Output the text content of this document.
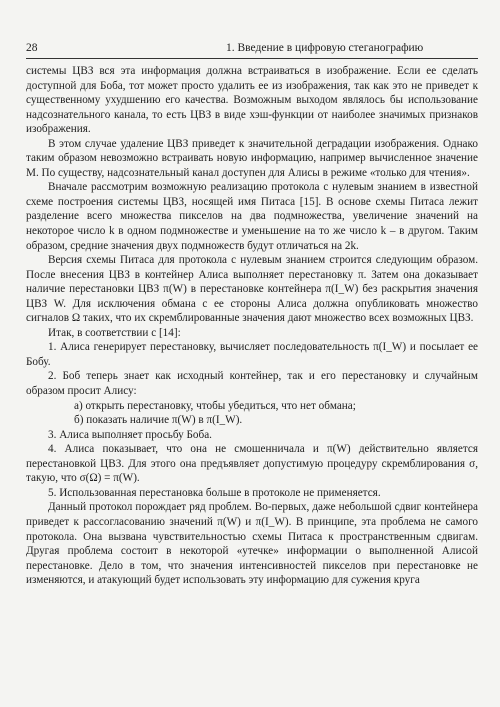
28	1. Введение в цифровую стеганографию

системы ЦВЗ вся эта информация должна встраиваться в изображение. Если ее сделать доступной для Боба, тот может просто удалить ее из изображения, так как это не приведет к существенному ухудшению его качества. Возможным выходом являлось бы использование надсознательного канала, то есть ЦВЗ в виде хэш-функции от наиболее значимых признаков изображения.

В этом случае удаление ЦВЗ приведет к значительной деградации изображения. Однако таким образом невозможно встраивать новую информацию, например вычисленное значение M. По существу, надсознательный канал доступен для Алисы в режиме «только для чтения».

Вначале рассмотрим возможную реализацию протокола с нулевым знанием в известной схеме построения системы ЦВЗ, носящей имя Питаса [15]. В основе схемы Питаса лежит разделение всего множества пикселов на два подмножества, увеличение значений на некоторое число k в одном подмножестве и уменьшение на то же число k – в другом. Таким образом, средние значения двух подмножеств будут отличаться на 2k.

Версия схемы Питаса для протокола с нулевым знанием строится следующим образом. После внесения ЦВЗ в контейнер Алиса выполняет перестановку π. Затем она доказывает наличие перестановки ЦВЗ π(W) в перестановке контейнера π(I_W) без раскрытия значения ЦВЗ W. Для исключения обмана с ее стороны Алиса должна опубликовать множество сигналов Ω таких, что их скремблированные значения дают множество всех возможных ЦВЗ.

Итак, в соответствии с [14]:

1. Алиса генерирует перестановку, вычисляет последовательность π(I_W) и посылает ее Бобу.

2. Боб теперь знает как исходный контейнер, так и его перестановку и случайным образом просит Алису:

а) открыть перестановку, чтобы убедиться, что нет обмана;

б) показать наличие π(W) в π(I_W).

3. Алиса выполняет просьбу Боба.

4. Алиса показывает, что она не смошенничала и π(W) действительно является перестановкой ЦВЗ. Для этого она предъявляет допустимую процедуру скремблирования σ, такую, что σ(Ω) = π(W).

5. Использованная перестановка больше в протоколе не применяется.

Данный протокол порождает ряд проблем. Во-первых, даже небольшой сдвиг контейнера приведет к рассогласованию значений π(W) и π(I_W). В принципе, эта проблема не самого протокола. Она вызвана чувствительностью схемы Питаса к пространственным сдвигам. Другая проблема состоит в некоторой «утечке» информации о выполненной Алисой перестановке. Дело в том, что значения интенсивностей пикселов при перестановке не изменяются, и атакующий будет использовать эту информацию для сужения круга
